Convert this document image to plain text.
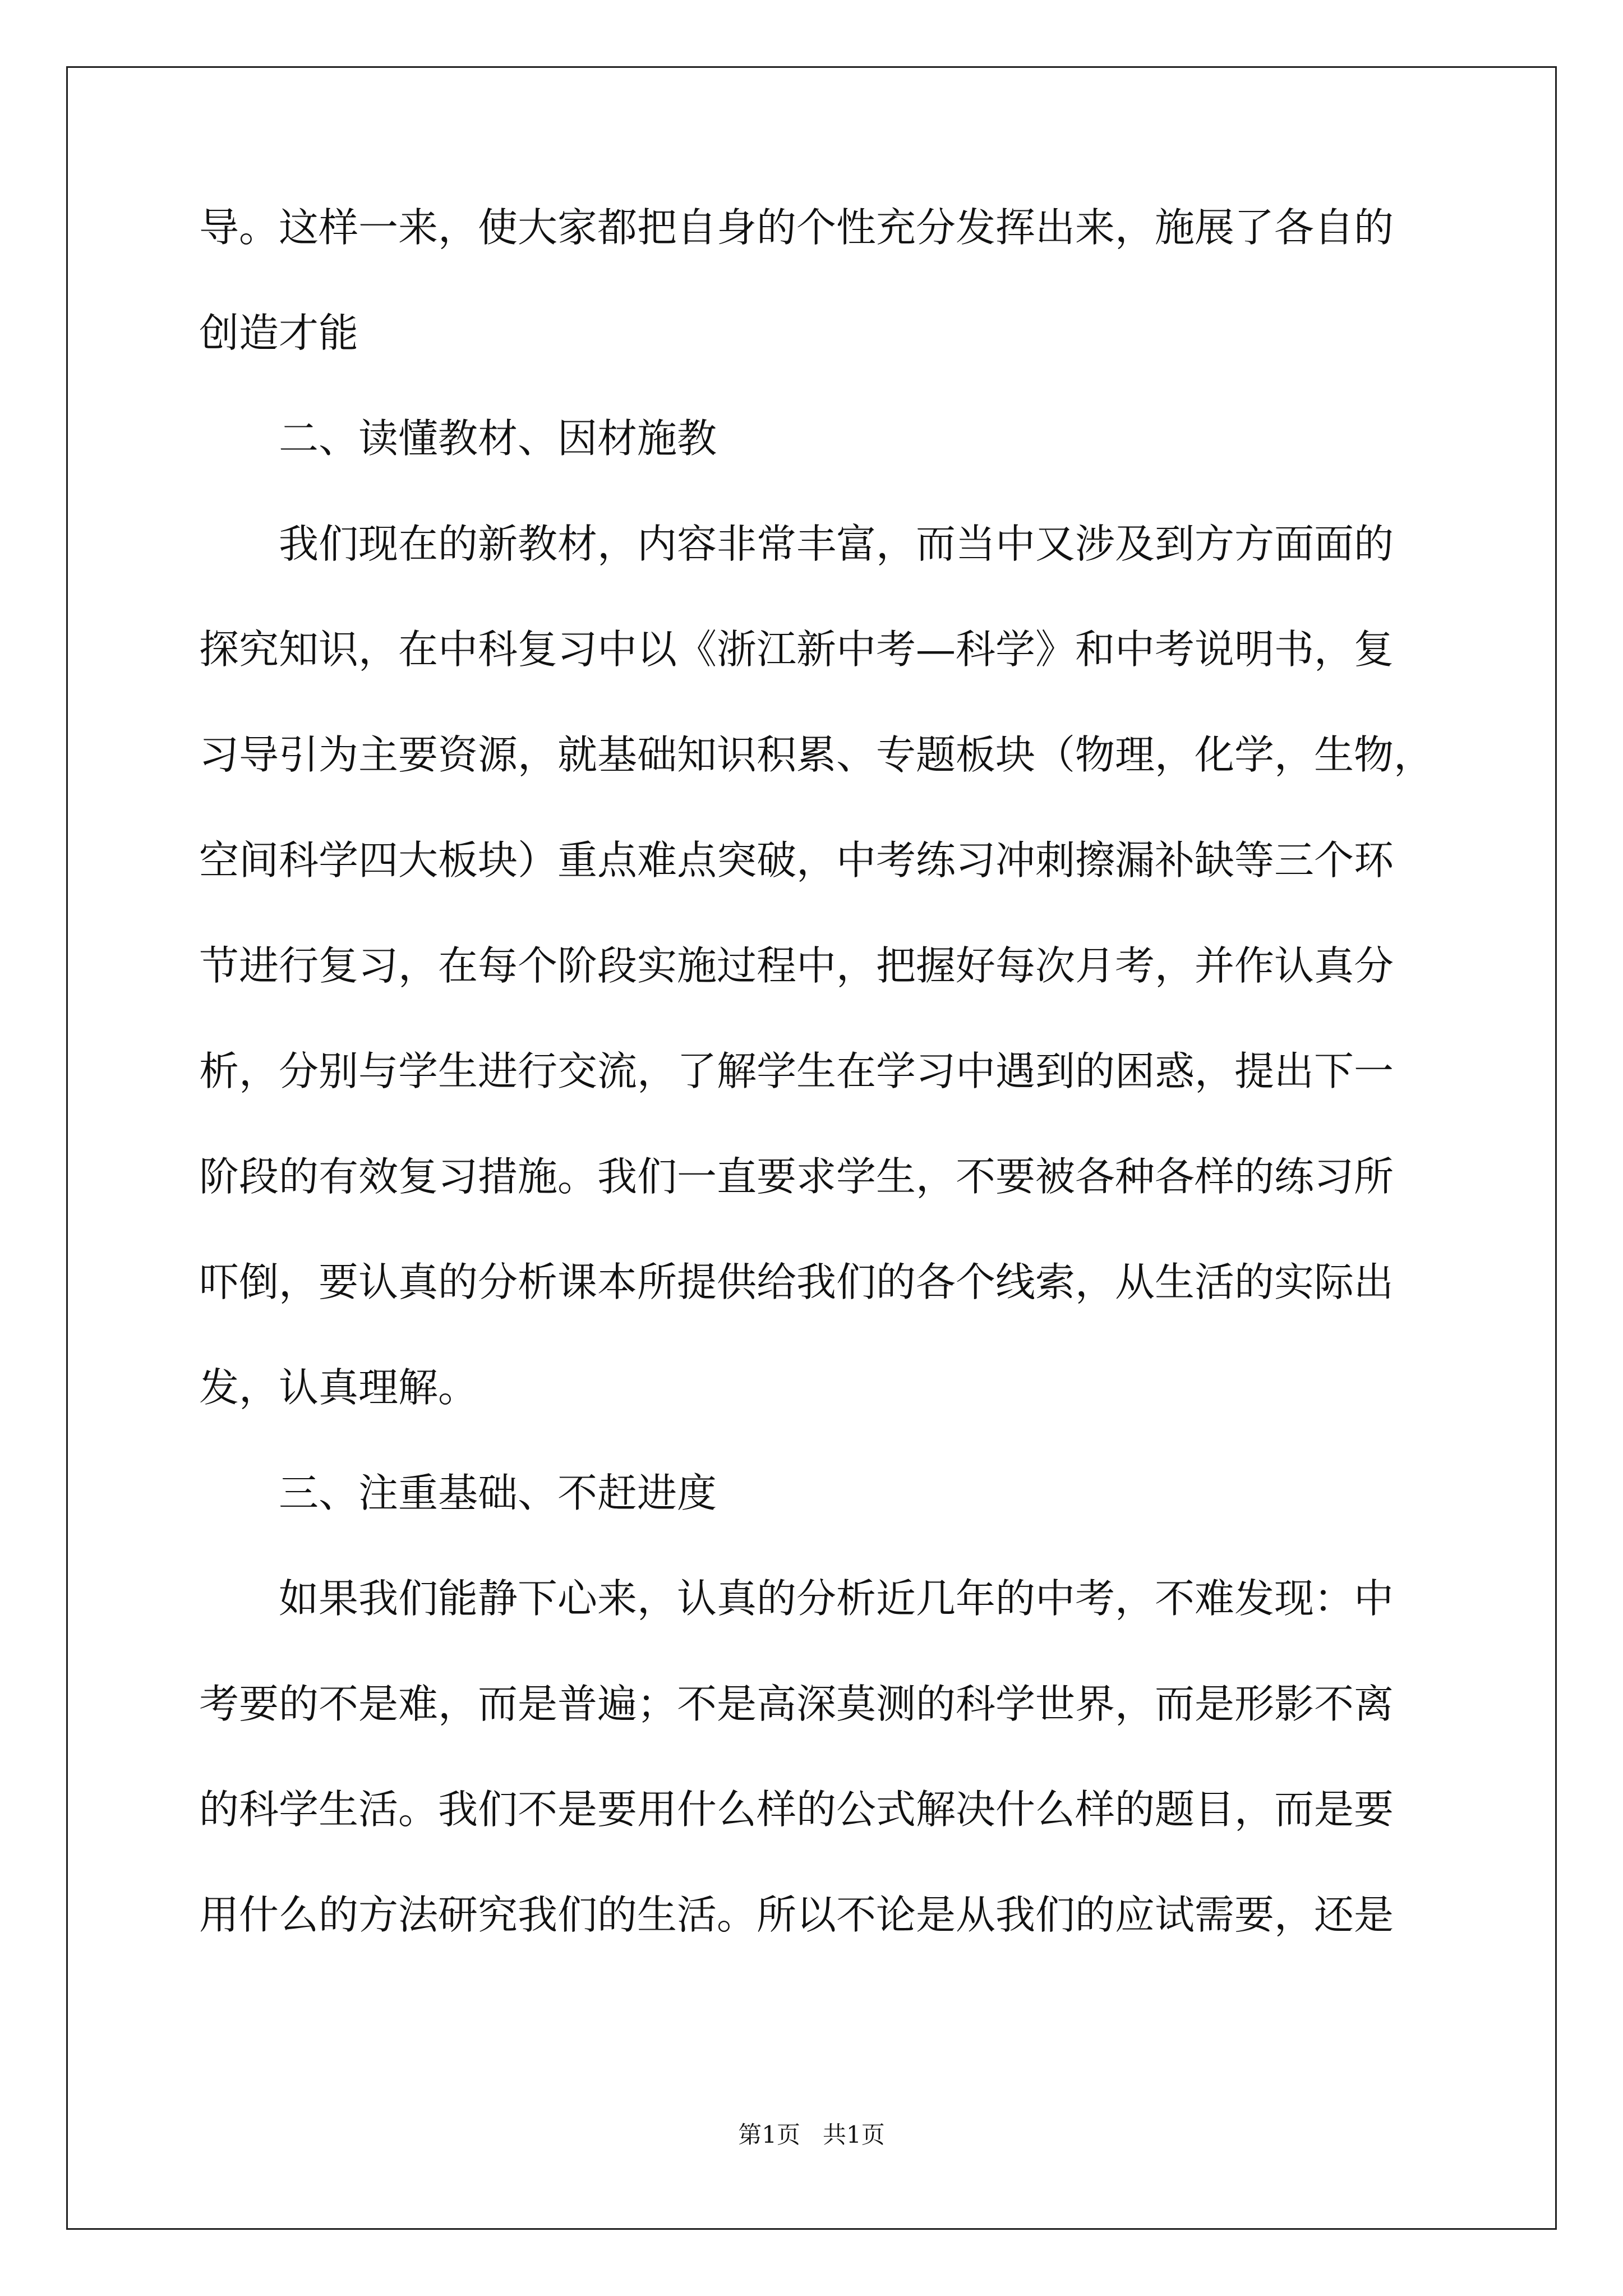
导。这样一来，使大家都把自身的个性充分发挥出来，施展了各自的
创造才能
二、读懂教材、因材施教
我们现在的新教材，内容非常丰富，而当中又涉及到方方面面的
探究知识，在中科复习中以《浙江新中考—科学》和中考说明书，复
习导引为主要资源，就基础知识积累、专题板块（物理，化学，生物，
空间科学四大板块）重点难点突破，中考练习冲刺擦漏补缺等三个环
节进行复习，在每个阶段实施过程中，把握好每次月考，并作认真分
析，分别与学生进行交流，了解学生在学习中遇到的困惑，提出下一
阶段的有效复习措施。我们一直要求学生，不要被各种各样的练习所
吓倒，要认真的分析课本所提供给我们的各个线索，从生活的实际出
发，认真理解。
三、注重基础、不赶进度
如果我们能静下心来，认真的分析近几年的中考，不难发现：中
考要的不是难，而是普遍；不是高深莫测的科学世界，而是形影不离
的科学生活。我们不是要用什么样的公式解决什么样的题目，而是要
用什么的方法研究我们的生活。所以不论是从我们的应试需要，还是
第1页   共1页
